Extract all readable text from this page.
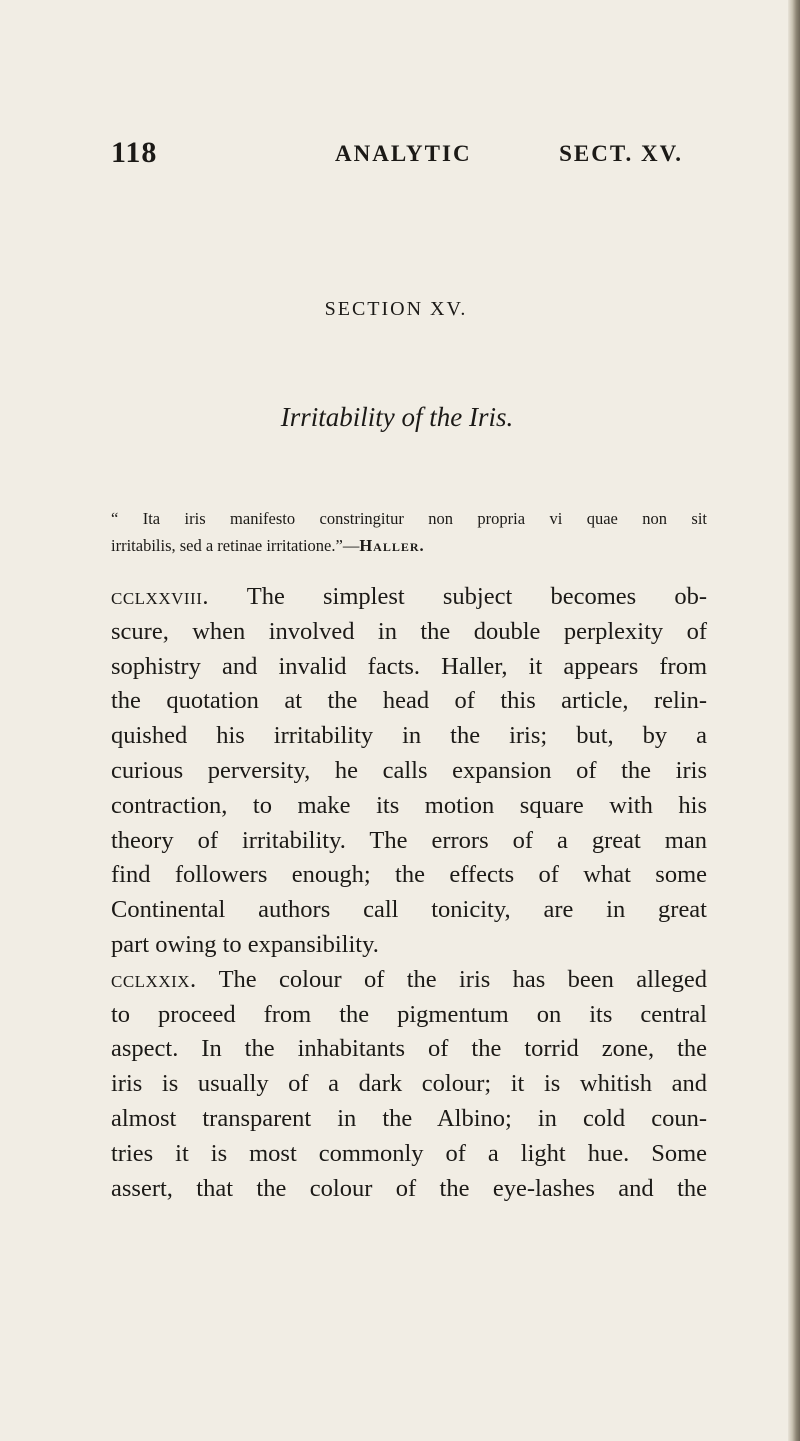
118	ANALYTIC	SECT. XV.
SECTION XV.
Irritability of the Iris.

“ Ita iris manifesto constringitur non propria vi quae non sit

irritabilis, sed a retinae irritatione.”—Haller.

cclxxviii. The simplest subject becomes ob-
scure, when involved in the double perplexity of
sophistry and invalid facts. Haller, it appears from
the quotation at the head of this article, relin-
quished his irritability in the iris; but, by a
curious perversity, he calls expansion of the iris
contraction, to make its motion square with his
theory of irritability. The errors of a great man
find followers enough; the effects of what some
Continental authors call tonicity, are in great
part owing to expansibility.
cclxxix. The colour of the iris has been alleged
to proceed from the pigmentum on its central
aspect. In the inhabitants of the torrid zone, the
iris is usually of a dark colour; it is whitish and
almost transparent in the Albino; in cold coun-
tries it is most commonly of a light hue. Some
assert, that the colour of the eye-lashes and the
